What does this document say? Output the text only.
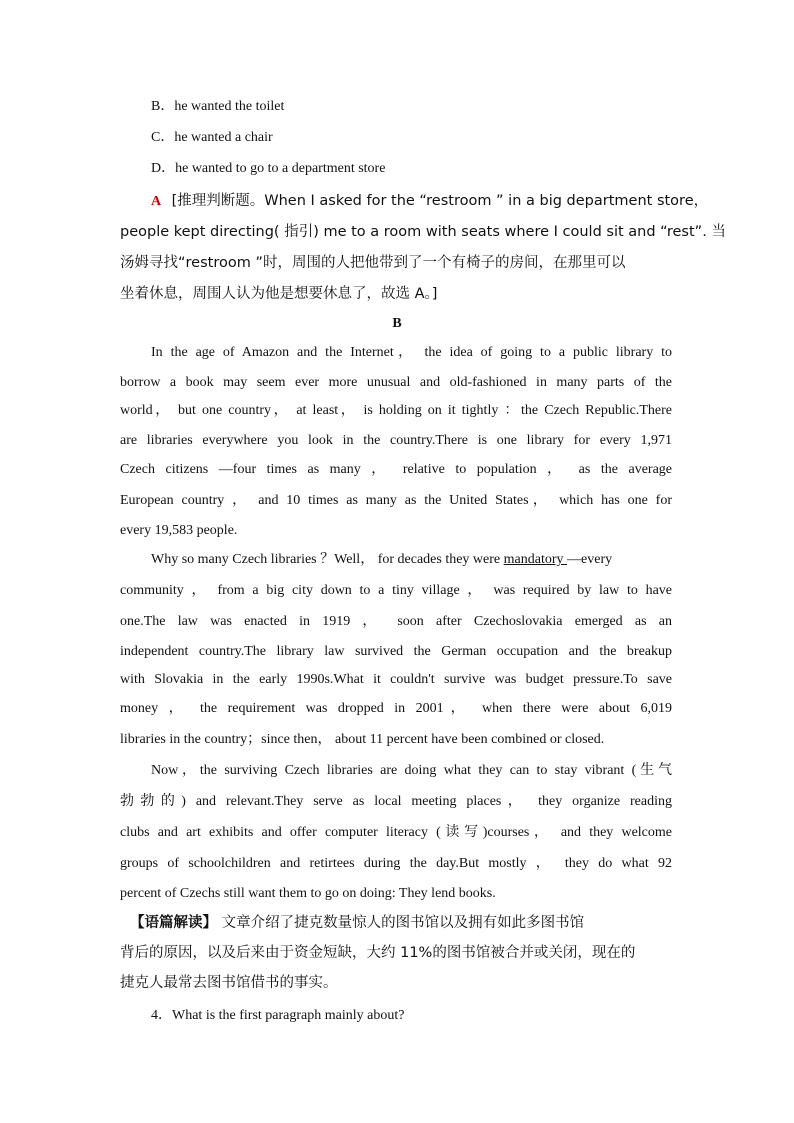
B．he wanted the toilet
C．he wanted a chair
D．he wanted to go to a department store
A [推理判断题。When I asked for the “restroom ” in a big department store，
people kept directing( 指引) me to a room with seats where I could sit and “rest”. 当
汤姆寻找“restroom ”时，周围的人把他带到了一个有椅子的房间，在那里可以
坐着休息，周围人认为他是想要休息了，故选 A。]
B
In the age of Amazon and the Internet， the idea of going to a public library to
borrow a book may seem ever more unusual and old-fashioned in many parts of the
world， but one country， at least， is holding on it tightly ：the Czech Republic.There
are libraries everywhere you look in the country.There is one library for every 1,971
Czech citizens —four times as many ， relative to population ， as the average
European country ， and 10 times as many as the United States， which has one for
every 19,583 people.
Why so many Czech libraries ？Well， for decades they were mandatory —every
community ， from a big city down to a tiny village ， was required by law to have
one.The law was enacted in 1919 ， soon after Czechoslovakia emerged as an
independent country.The library law survived the German occupation and the breakup
with Slovakia in the early 1990s.What it couldn't survive was budget pressure.To save
money ， the requirement was dropped in 2001， when there were about 6,019
libraries in the country；since then， about 11 percent have been combined or closed.
Now，the surviving Czech libraries are doing what they can to stay vibrant (生气
勃勃的) and relevant.They serve as local meeting places， they organize reading
clubs and art exhibits and offer computer literacy (读写)courses， and they welcome
groups of schoolchildren and retirtees during the day.But mostly ， they do what 92
percent of Czechs still want them to go on doing: They lend books.
【语篇解读】 文章介绍了捷克数量惊人的图书馆以及拥有如此多图书馆
背后的原因，以及后来由于资金短缺，大约 11%的图书馆被合并或关闭，现在的
捷克人最常去图书馆借书的事实。
4．What is the first paragraph mainly about?
